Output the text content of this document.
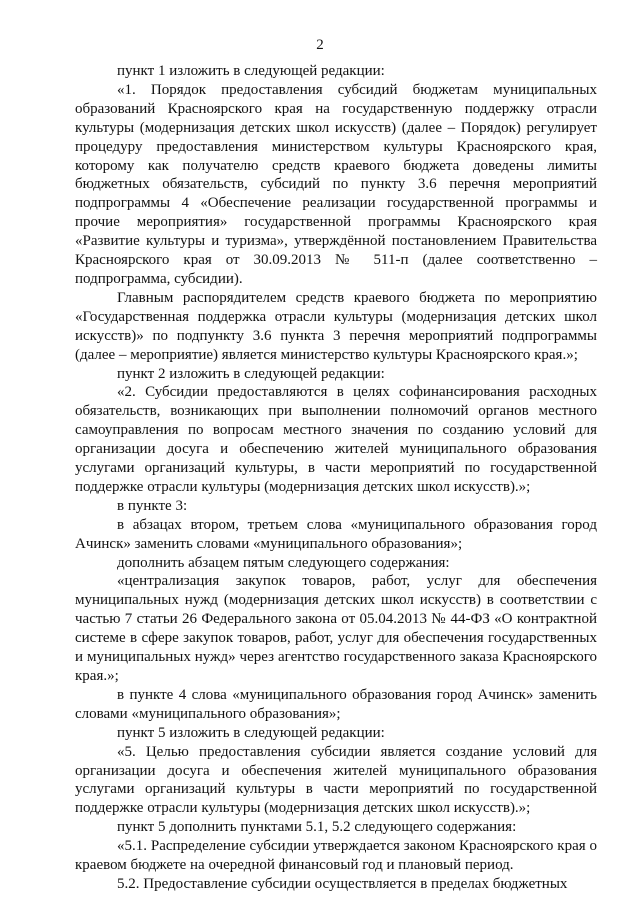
2

пункт 1 изложить в следующей редакции:

«1. Порядок предоставления субсидий бюджетам муниципальных образований Красноярского края на государственную поддержку отрасли культуры (модернизация детских школ искусств) (далее – Порядок) регулирует процедуру предоставления министерством культуры Красноярского края, которому как получателю средств краевого бюджета доведены лимиты бюджетных обязательств, субсидий по пункту 3.6 перечня мероприятий подпрограммы 4 «Обеспечение реализации государственной программы и прочие мероприятия» государственной программы Красноярского края «Развитие культуры и туризма», утверждённой постановлением Правительства Красноярского края от 30.09.2013 № 511-п (далее соответственно – подпрограмма, субсидии).

Главным распорядителем средств краевого бюджета по мероприятию «Государственная поддержка отрасли культуры (модернизация детских школ искусств)» по подпункту 3.6 пункта 3 перечня мероприятий подпрограммы (далее – мероприятие) является министерство культуры Красноярского края.»;

пункт 2 изложить в следующей редакции:

«2. Субсидии предоставляются в целях софинансирования расходных обязательств, возникающих при выполнении полномочий органов местного самоуправления по вопросам местного значения по созданию условий для организации досуга и обеспечению жителей муниципального образования услугами организаций культуры, в части мероприятий по государственной поддержке отрасли культуры (модернизация детских школ искусств).»;

в пункте 3:

в абзацах втором, третьем слова «муниципального образования город Ачинск» заменить словами «муниципального образования»;

дополнить абзацем пятым следующего содержания:

«централизация закупок товаров, работ, услуг для обеспечения муниципальных нужд (модернизация детских школ искусств) в соответствии с частью 7 статьи 26 Федерального закона от 05.04.2013 № 44-ФЗ «О контрактной системе в сфере закупок товаров, работ, услуг для обеспечения государственных и муниципальных нужд» через агентство государственного заказа Красноярского края.»;

в пункте 4 слова «муниципального образования город Ачинск» заменить словами «муниципального образования»;

пункт 5 изложить в следующей редакции:

«5. Целью предоставления субсидии является создание условий для организации досуга и обеспечения жителей муниципального образования услугами организаций культуры в части мероприятий по государственной поддержке отрасли культуры (модернизация детских школ искусств).»;

пункт 5 дополнить пунктами 5.1, 5.2 следующего содержания:

«5.1. Распределение субсидии утверждается законом Красноярского края о краевом бюджете на очередной финансовый год и плановый период.

5.2. Предоставление субсидии осуществляется в пределах бюджетных
